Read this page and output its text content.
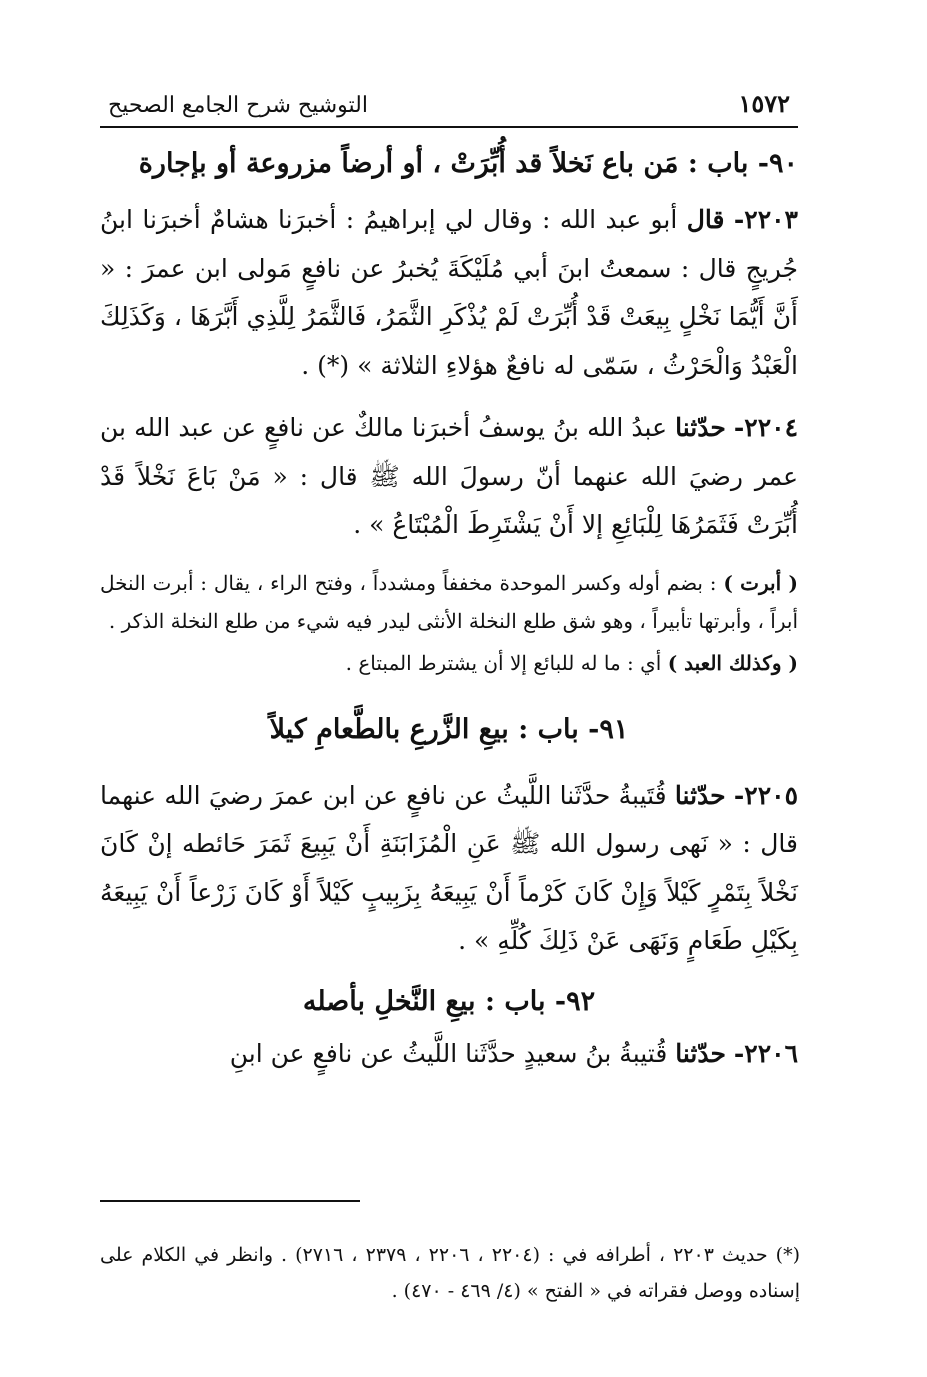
١٥٧٢
التوشيح شرح الجامع الصحيح
٩٠- باب : مَن باع نَخلاً قد أُبِّرَتْ ، أو أرضاً مزروعة أو بإجارة

٢٢٠٣- قال أبو عبد الله : وقال لي إبراهيمُ : أخبرَنا هشامٌ أخبرَنا ابنُ جُريجٍ قال : سمعتُ ابنَ أبي مُلَيْكَةَ يُخبرُ عن نافعٍ مَولى ابن عمرَ : « أَنَّ أَيُّمَا نَخْلٍ بِيعَتْ قَدْ أُبِّرَتْ لَمْ يُذْكَرِ الثَّمَرُ، فَالثَّمَرُ لِلَّذِي أَبَّرَهَا ، وَكَذَلِكَ الْعَبْدُ وَالْحَرْثُ ، سَمّى له نافعٌ هؤلاءِ الثلاثة » (*) .

٢٢٠٤- حدّثنا عبدُ الله بنُ يوسفُ أخبرَنا مالكٌ عن نافعٍ عن عبد الله بن عمر رضيَ الله عنهما أنّ رسولَ الله ﷺ قال : « مَنْ بَاعَ نَخْلاً قَدْ أُبِّرَتْ فَثَمَرُهَا لِلْبَائِعِ إلا أَنْ يَشْتَرِطَ الْمُبْتَاعُ » .

( أبرت ) : بضم أوله وكسر الموحدة مخففاً ومشدداً ، وفتح الراء ، يقال : أبرت النخل أبراً ، وأبرتها تأبيراً ، وهو شق طلع النخلة الأنثى ليدر فيه شيء من طلع النخلة الذكر .

( وكذلك العبد ) أي : ما له للبائع إلا أن يشترط المبتاع .

٩١- باب : بيعِ الزَّرعِ بالطَّعامِ كيلاً

٢٢٠٥- حدّثنا قُتَيبةُ حدَّثَنا اللَّيثُ عن نافعٍ عن ابن عمرَ رضيَ الله عنهما قال : « نَهى رسول الله ﷺ عَنِ الْمُزَابَنَةِ أَنْ يَبِيعَ ثَمَرَ حَائطه إنْ كَانَ نَخْلاً بِتَمْرٍ كَيْلاً وَإِنْ كَانَ كَرْماً أَنْ يَبِيعَهُ بِزَبِيبٍ كَيْلاً أَوْ كَانَ زَرْعاً أَنْ يَبِيعَهُ بِكَيْلِ طَعَامٍ وَنَهَى عَنْ ذَلِكَ كُلِّهِ » .

٩٢- باب : بيعِ النَّخلِ بأصله

٢٢٠٦- حدّثنا قُتيبةُ بنُ سعيدٍ حدَّثَنا اللَّيثُ عن نافعٍ عن ابنِ

(*) حديث ٢٢٠٣ ، أطرافه في : (٢٢٠٤ ، ٢٢٠٦ ، ٢٣٧٩ ، ٢٧١٦) . وانظر في الكلام على إسناده ووصل فقراته في « الفتح » (٤/ ٤٦٩ - ٤٧٠) .
